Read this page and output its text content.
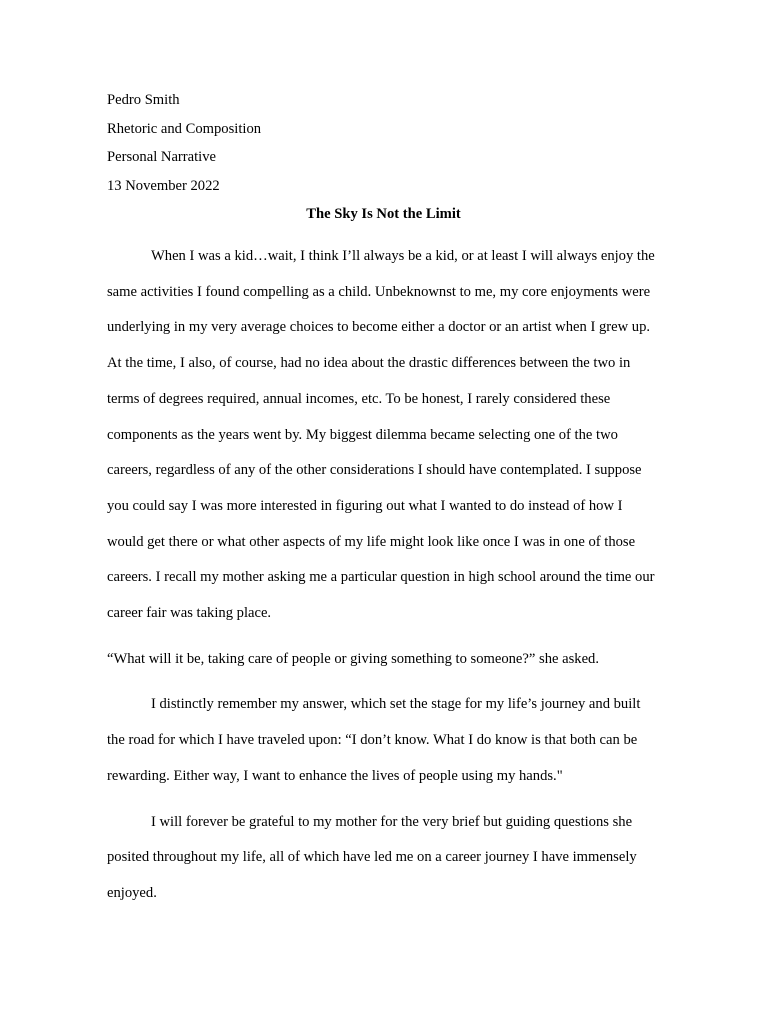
Pedro Smith

Rhetoric and Composition

Personal Narrative

13 November 2022

The Sky Is Not the Limit

When I was a kid…wait, I think I’ll always be a kid, or at least I will always enjoy the same activities I found compelling as a child. Unbeknownst to me, my core enjoyments were underlying in my very average choices to become either a doctor or an artist when I grew up. At the time, I also, of course, had no idea about the drastic differences between the two in terms of degrees required, annual incomes, etc. To be honest, I rarely considered these components as the years went by. My biggest dilemma became selecting one of the two careers, regardless of any of the other considerations I should have contemplated. I suppose you could say I was more interested in figuring out what I wanted to do instead of how I would get there or what other aspects of my life might look like once I was in one of those careers. I recall my mother asking me a particular question in high school around the time our career fair was taking place.

“What will it be, taking care of people or giving something to someone?” she asked.

I distinctly remember my answer, which set the stage for my life’s journey and built the road for which I have traveled upon: “I don’t know. What I do know is that both can be rewarding. Either way, I want to enhance the lives of people using my hands."

I will forever be grateful to my mother for the very brief but guiding questions she posited throughout my life, all of which have led me on a career journey I have immensely enjoyed.
